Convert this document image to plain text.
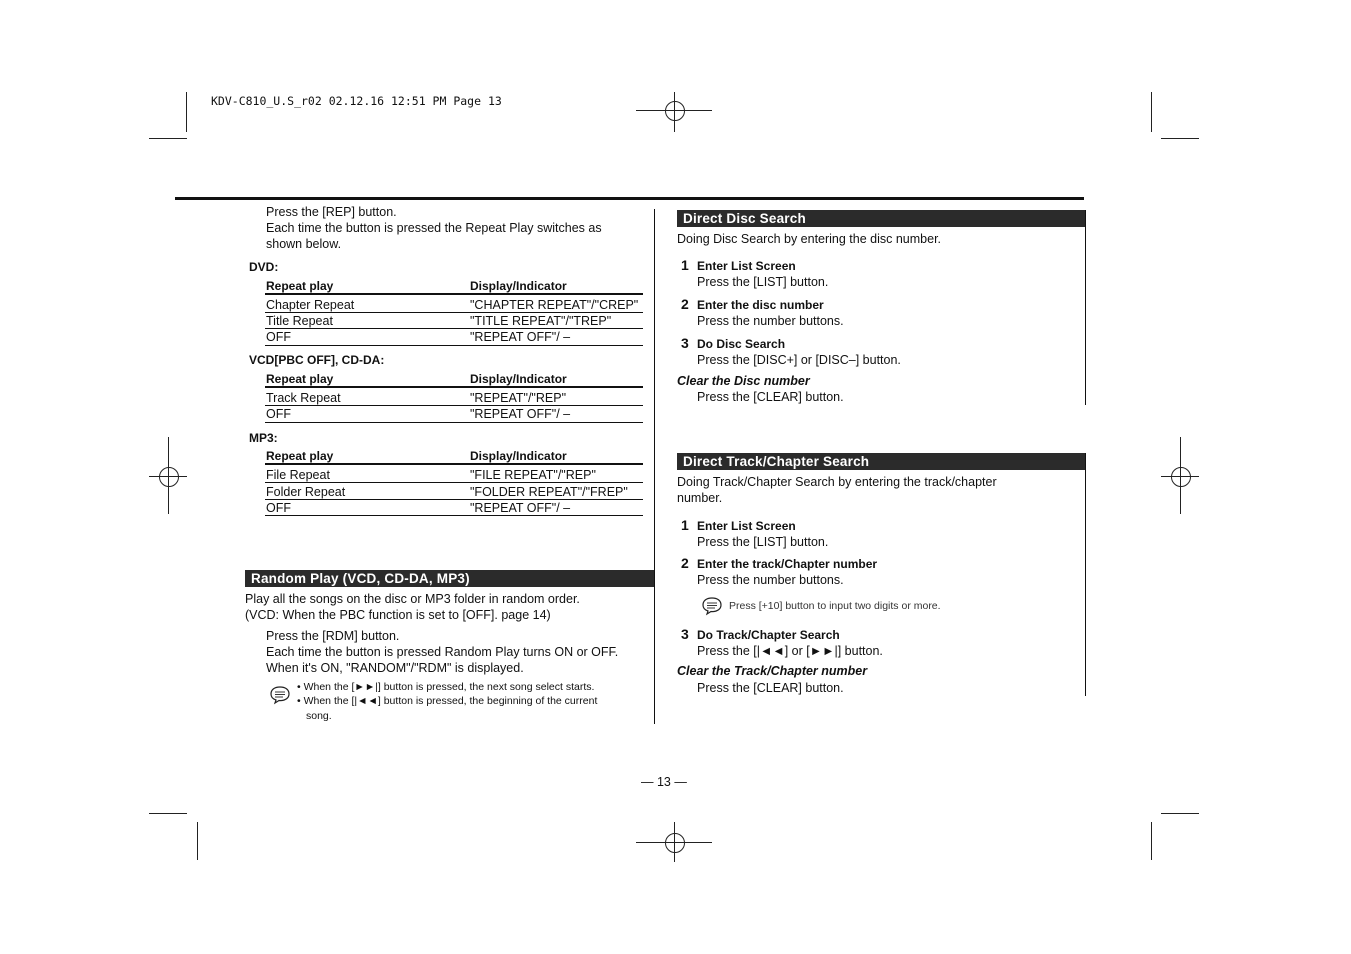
KDV-C810_U.S_r02 02.12.16 12:51 PM Page 13
Press the [REP] button.
Each time the button is pressed the Repeat Play switches as
shown below.
DVD:
Repeat play	Display/Indicator
Chapter Repeat	"CHAPTER REPEAT"/"CREP"
Title Repeat	"TITLE REPEAT"/"TREP"
OFF	"REPEAT OFF"/ –
VCD[PBC OFF], CD-DA:
Repeat play	Display/Indicator
Track Repeat	"REPEAT"/"REP"
OFF	"REPEAT OFF"/ –
MP3:
Repeat play	Display/Indicator
File Repeat	"FILE REPEAT"/"REP"
Folder Repeat	"FOLDER REPEAT"/"FREP"
OFF	"REPEAT OFF"/ –
Random Play (VCD, CD-DA, MP3)
Play all the songs on the disc or MP3 folder in random order.
(VCD: When the PBC function is set to [OFF]. page 14)
Press the [RDM] button.
Each time the button is pressed Random Play turns ON or OFF.
When it's ON, "RANDOM"/"RDM" is displayed.
• When the [►►|] button is pressed, the next song select starts.
• When the [|◄◄] button is pressed, the beginning of the current
song.
Direct Disc Search
Doing Disc Search by entering the disc number.
1 Enter List Screen
Press the [LIST] button.
2 Enter the disc number
Press the number buttons.
3 Do Disc Search
Press the [DISC+] or [DISC–] button.
Clear the Disc number
Press the [CLEAR] button.
Direct Track/Chapter Search
Doing Track/Chapter Search by entering the track/chapter
number.
1 Enter List Screen
Press the [LIST] button.
2 Enter the track/Chapter number
Press the number buttons.
Press [+10] button to input two digits or more.
3 Do Track/Chapter Search
Press the [|◄◄] or [►►|] button.
Clear the Track/Chapter number
Press the [CLEAR] button.
— 13 —
